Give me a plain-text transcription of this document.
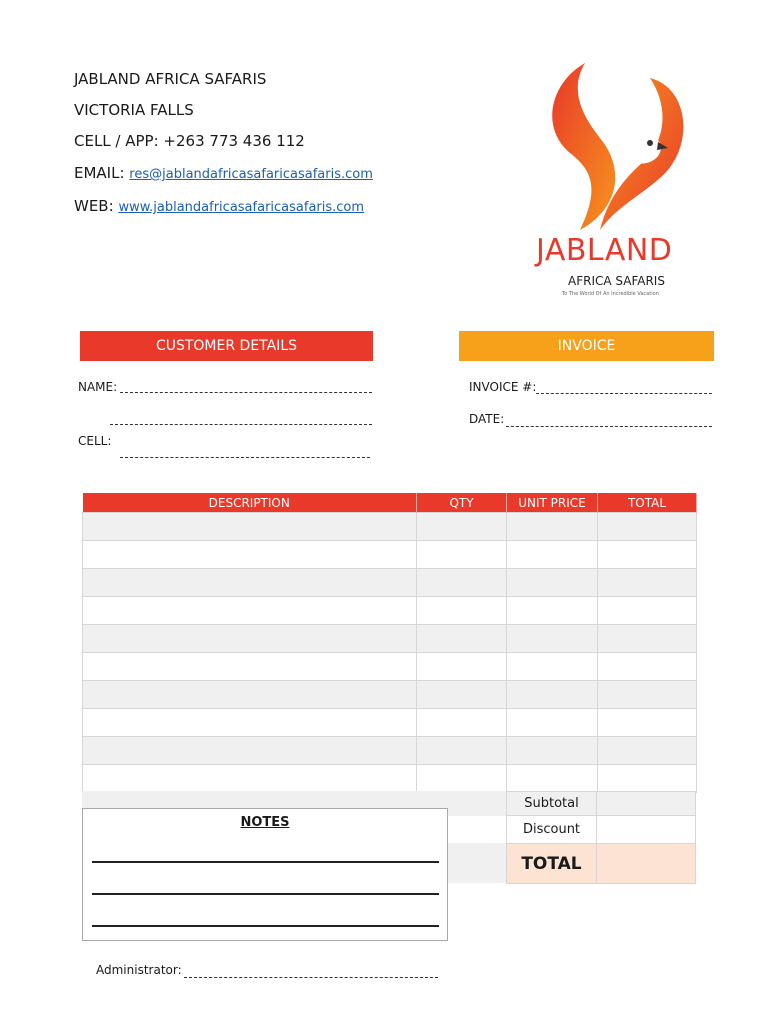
JABLAND AFRICA SAFARIS
VICTORIA FALLS
CELL / APP: +263 773 436 112
EMAIL: res@jablandafricasafaricasafaris.com
WEB: www.jablandafricasafaricasafaris.com
JABLAND
AFRICA SAFARIS
To The World Of An Incredible Vacation
CUSTOMER DETAILS	INVOICE
NAME:
CELL:
INVOICE #:
DATE:
DESCRIPTION	QTY	UNIT PRICE	TOTAL

Subtotal
Discount
TOTAL
NOTES
Administrator:
